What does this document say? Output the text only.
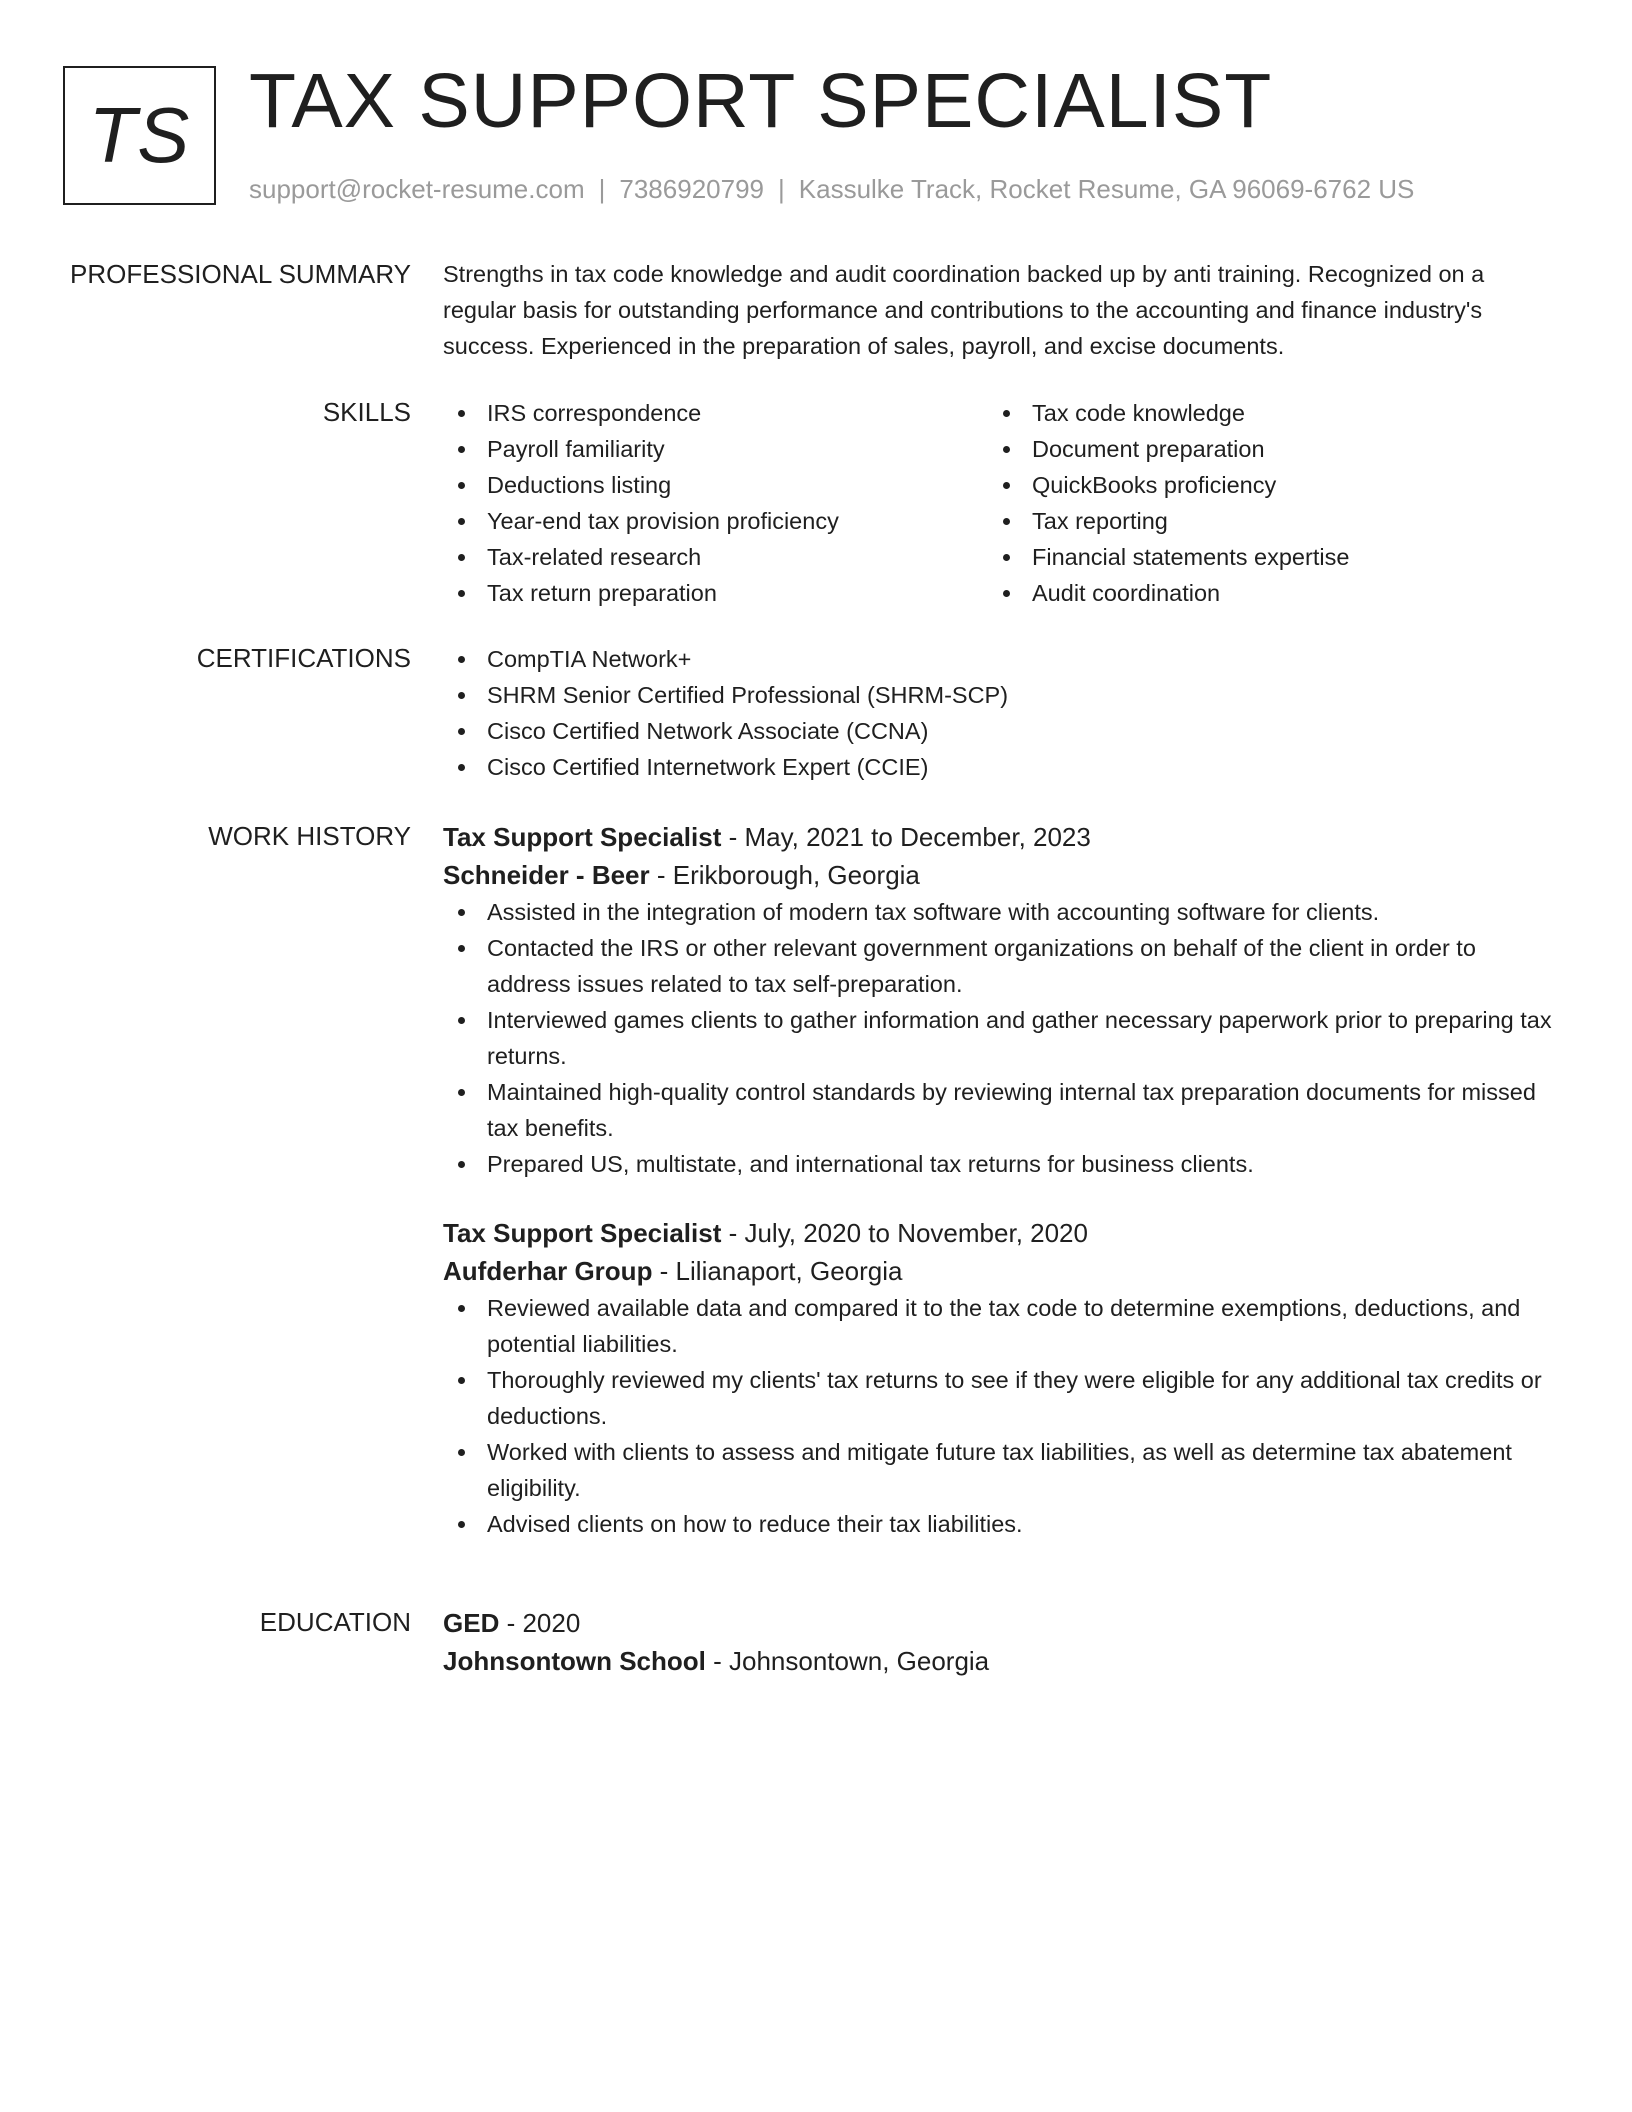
TS TAX SUPPORT SPECIALIST
support@rocket-resume.com | 7386920799 | Kassulke Track, Rocket Resume, GA 96069-6762 US
PROFESSIONAL SUMMARY Strengths in tax code knowledge and audit coordination backed up by anti training. Recognized on a regular basis for outstanding performance and contributions to the accounting and finance industry's success. Experienced in the preparation of sales, payroll, and excise documents.

SKILLS	IRS correspondence
Payroll familiarity
Deductions listing
Year-end tax provision proficiency
Tax-related research
Tax return preparation
Tax code knowledge
Document preparation
QuickBooks proficiency
Tax reporting
Financial statements expertise
Audit coordination
CERTIFICATIONS	CompTIA Network+
SHRM Senior Certified Professional (SHRM-SCP)
Cisco Certified Network Associate (CCNA)
Cisco Certified Internetwork Expert (CCIE)
WORK HISTORY Tax Support Specialist - May, 2021 to December, 2023
Schneider - Beer - Erikborough, Georgia
Assisted in the integration of modern tax software with accounting software for clients.
Contacted the IRS or other relevant government organizations on behalf of the client in order to address issues related to tax self-preparation.
Interviewed games clients to gather information and gather necessary paperwork prior to preparing tax returns.
Maintained high-quality control standards by reviewing internal tax preparation documents for missed tax benefits.
Prepared US, multistate, and international tax returns for business clients.
Tax Support Specialist - July, 2020 to November, 2020
Aufderhar Group - Lilianaport, Georgia
Reviewed available data and compared it to the tax code to determine exemptions, deductions, and potential liabilities.
Thoroughly reviewed my clients' tax returns to see if they were eligible for any additional tax credits or deductions.
Worked with clients to assess and mitigate future tax liabilities, as well as determine tax abatement eligibility.
Advised clients on how to reduce their tax liabilities.
EDUCATION GED - 2020
Johnsontown School - Johnsontown, Georgia
